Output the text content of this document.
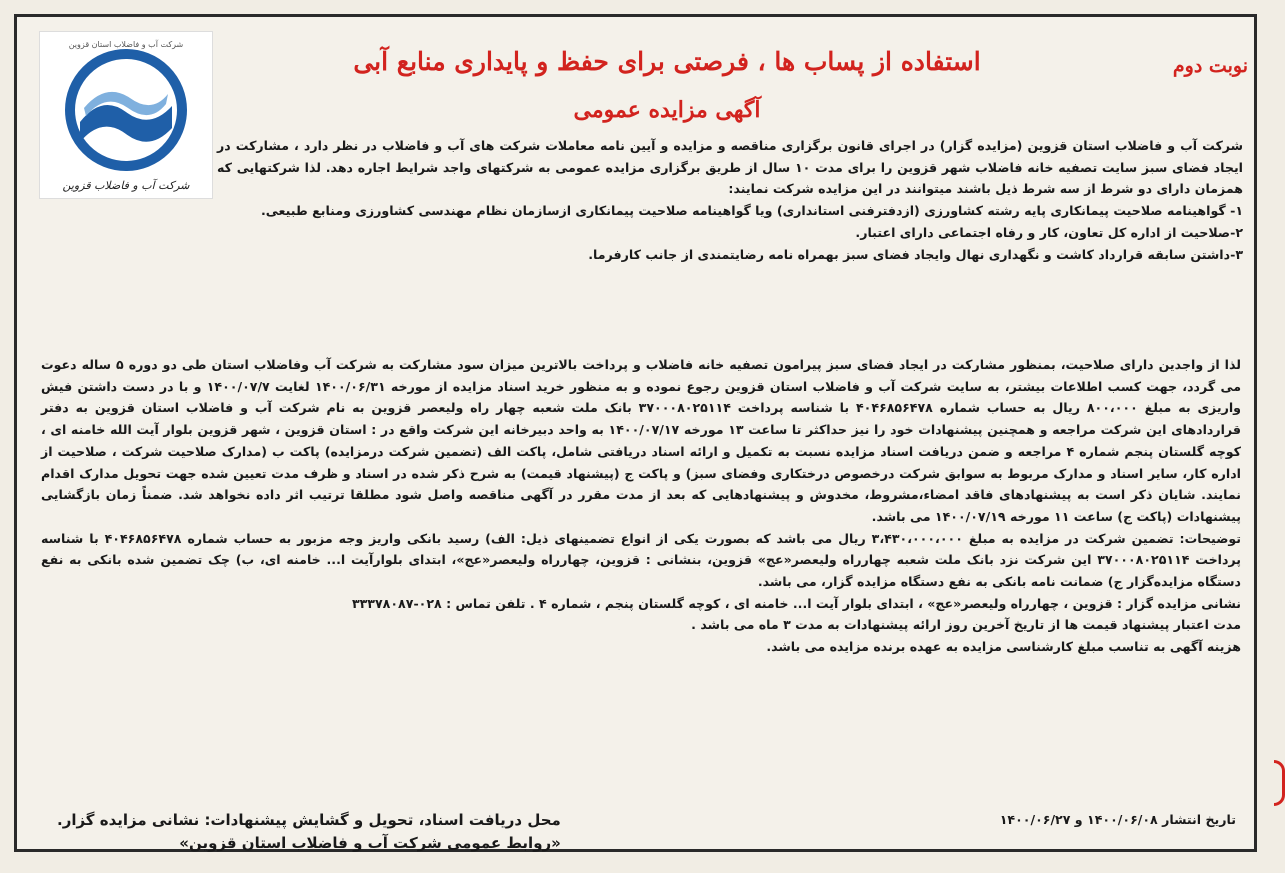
شرکت آب و فاضلاب استان قزوین
شرکت آب و فاضلاب قزوین
نوبت دوم
استفاده از پساب ها ، فرصتی برای حفظ و پایداری منابع آبی
آگهی مزایده عمومی

شرکت آب و فاضلاب استان قزوین (مزایده گزار) در اجرای قانون برگزاری مناقصه و مزایده و آیین نامه معاملات شرکت های آب و فاضلاب در نظر دارد ، مشارکت در ایجاد فضای سبز سایت تصفیه خانه فاضلاب شهر قزوین را برای مدت ۱۰ سال از طریق برگزاری مزایده عمومی به شرکتهای واجد شرایط اجاره دهد. لذا شرکتهایی که همزمان دارای دو شرط از سه شرط ذیل باشند میتوانند در این مزایده شرکت نمایند:

۱- گواهینامه صلاحیت پیمانکاری پایه رشته کشاورزی (ازدفترفنی استانداری) ویا گواهینامه صلاحیت پیمانکاری ازسازمان نظام مهندسی کشاورزی ومنابع طبیعی.

۲-صلاحیت از اداره کل تعاون، کار و رفاه اجتماعی دارای اعتبار.

۳-داشتن سابقه قرارداد کاشت و نگهداری نهال وایجاد فضای سبز بهمراه نامه رضایتمندی از جانب کارفرما.

لذا از واجدین دارای صلاحیت، بمنظور مشارکت در ایجاد فضای سبز پیرامون تصفیه خانه فاضلاب و پرداخت بالاترین میزان سود مشارکت به شرکت آب وفاضلاب استان طی دو دوره ۵ ساله دعوت می گردد، جهت کسب اطلاعات بیشتر، به سایت شرکت آب و فاضلاب استان قزوین رجوع نموده و به منظور خرید اسناد مزایده از مورخه ۱۴۰۰/۰۶/۳۱ لغایت ۱۴۰۰/۰۷/۷ و با در دست داشتن فیش واریزی به مبلغ ۸۰۰،۰۰۰ ریال به حساب شماره ۴۰۴۶۸۵۶۴۷۸ با شناسه پرداخت ۳۷۰۰۰۸۰۲۵۱۱۴ بانک ملت شعبه چهار راه ولیعصر قزوین به نام شرکت آب و فاضلاب استان قزوین به دفتر قراردادهای این شرکت مراجعه و همچنین پیشنهادات خود را نیز حداکثر تا ساعت ۱۳ مورخه ۱۴۰۰/۰۷/۱۷ به واحد دبیرخانه این شرکت واقع در : استان قزوین ، شهر قزوین بلوار آیت الله خامنه ای ، کوچه گلستان پنجم شماره ۴ مراجعه و ضمن دریافت اسناد مزایده نسبت به تکمیل و ارائه اسناد دریافتی شامل، پاکت الف (تضمین شرکت درمزایده) پاکت ب (مدارک صلاحیت شرکت ، صلاحیت از اداره کار، سایر اسناد و مدارک مربوط به سوابق شرکت درخصوص درختکاری وفضای سبز) و پاکت ج (پیشنهاد قیمت) به شرح ذکر شده در اسناد و ظرف مدت تعیین شده جهت تحویل مدارک اقدام نمایند. شایان ذکر است به پیشنهادهای فاقد امضاء،مشروط، مخدوش و پیشنهادهایی که بعد از مدت مقرر در آگهی مناقصه واصل شود مطلقا ترتیب اثر داده نخواهد شد. ضمناً زمان بازگشایی پیشنهادات (پاکت ج) ساعت ۱۱ مورخه ۱۴۰۰/۰۷/۱۹ می باشد.

توضیحات: تضمین شرکت در مزایده به مبلغ ۳،۴۳۰،۰۰۰،۰۰۰ ریال می باشد که بصورت یکی از انواع تضمینهای ذیل: الف) رسید بانکی واریز وجه مزبور به حساب شماره ۴۰۴۶۸۵۶۴۷۸ با شناسه پرداخت ۳۷۰۰۰۸۰۲۵۱۱۴ این شرکت نزد بانک ملت شعبه چهارراه ولیعصر«عج» قزوین، بنشانی : قزوین، چهارراه ولیعصر«عج»، ابتدای بلوارآیت ا... خامنه ای، ب) چک تضمین شده بانکی به نفع دستگاه مزایده‌گزار ج) ضمانت نامه بانکی به نفع دستگاه مزایده گزار، می باشد.

نشانی مزایده گزار : قزوین ، چهارراه ولیعصر«عج» ، ابتدای بلوار آیت ا... خامنه ای ، کوچه گلستان پنجم ، شماره ۴ . تلفن تماس : ۰۲۸-۳۳۳۷۸۰۸۷

مدت اعتبار پیشنهاد قیمت ها از تاریخ آخرین روز ارائه پیشنهادات به مدت ۳ ماه می باشد .

هزینه آگهی به تناسب مبلغ کارشناسی مزایده به عهده برنده مزایده می باشد.

تاریخ انتشار ۱۴۰۰/۰۶/۰۸ و ۱۴۰۰/۰۶/۲۷
محل دریافت اسناد، تحویل و گشایش پیشنهادات: نشانی مزایده گزار.
«روابط عمومی شرکت آب و فاضلاب استان قزوین»
